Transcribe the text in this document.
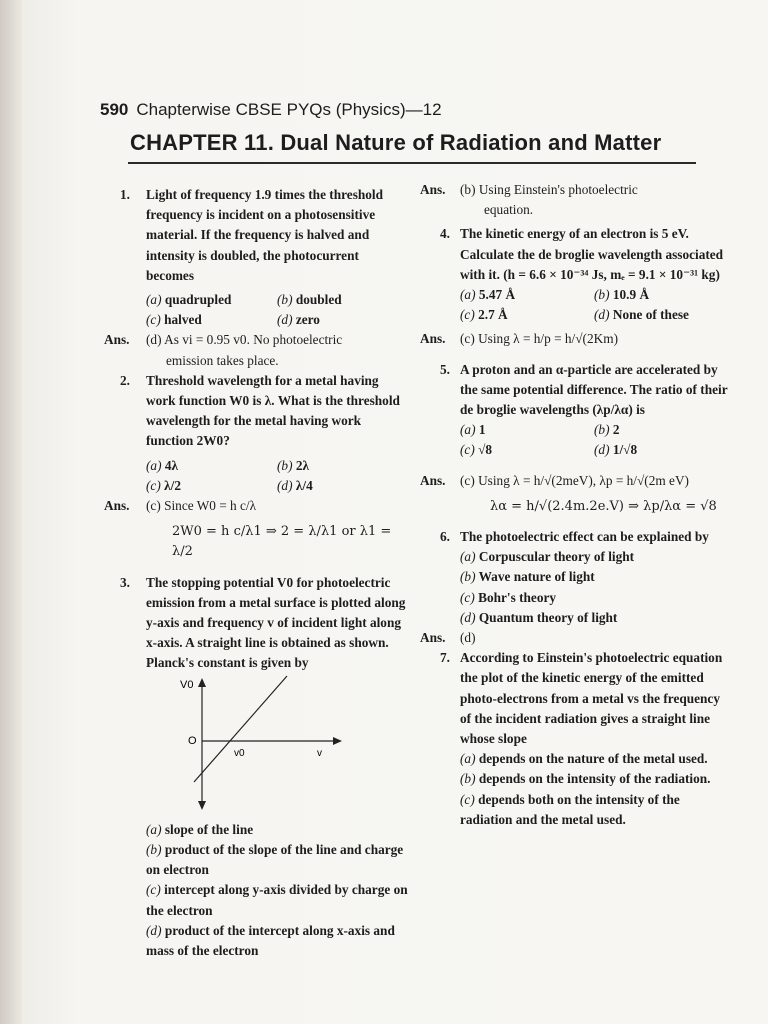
590 Chapterwise CBSE PYQs (Physics)—12
CHAPTER 11. Dual Nature of Radiation and Matter
1. Light of frequency 1.9 times the threshold frequency is incident on a photosensitive material. If the frequency is halved and intensity is doubled, the photocurrent becomes
(a) quadrupled	(b) doubled
(c) halved	(d) zero
Ans. (d) As vi = 0.95 v0. No photoelectric
emission takes place.
2. Threshold wavelength for a metal having work function W0 is λ. What is the threshold wavelength for the metal having work function 2W0?
(a) 4λ	(b) 2λ
(c) λ/2	(d) λ/4
Ans. (c) Since W0 = h c/λ
2W0 = h c/λ1 ⇒ 2 = λ/λ1 or λ1 = λ/2
3. The stopping potential V0 for photoelectric emission from a metal surface is plotted along y-axis and frequency v of incident light along x-axis. A straight line is obtained as shown. Planck's constant is given by
V0
O
v0	v
(a) slope of the line
(b) product of the slope of the line and charge on electron
(c) intercept along y-axis divided by charge on the electron
(d) product of the intercept along x-axis and mass of the electron
Ans. (b) Using Einstein's photoelectric
equation.
4. The kinetic energy of an electron is 5 eV. Calculate the de broglie wavelength associated with it. (h = 6.6 × 10⁻³⁴ Js, mₑ = 9.1 × 10⁻³¹ kg)
(a) 5.47 Å	(b) 10.9 Å
(c) 2.7 Å	(d) None of these
Ans. (c) Using λ = h/p = h/√(2Km)
5. A proton and an α-particle are accelerated by the same potential difference. The ratio of their de broglie wavelengths (λp/λα) is
(a) 1	(b) 2
(c) √8	(d) 1/√8
Ans. (c) Using λ = h/√(2meV), λp = h/√(2m eV)
λα = h/√(2.4m.2e.V) ⇒ λp/λα = √8
6. The photoelectric effect can be explained by
(a) Corpuscular theory of light
(b) Wave nature of light
(c) Bohr's theory
(d) Quantum theory of light
Ans. (d)
7. According to Einstein's photoelectric equation the plot of the kinetic energy of the emitted photo-electrons from a metal vs the frequency of the incident radiation gives a straight line whose slope
(a) depends on the nature of the metal used.
(b) depends on the intensity of the radiation.
(c) depends both on the intensity of the radiation and the metal used.
